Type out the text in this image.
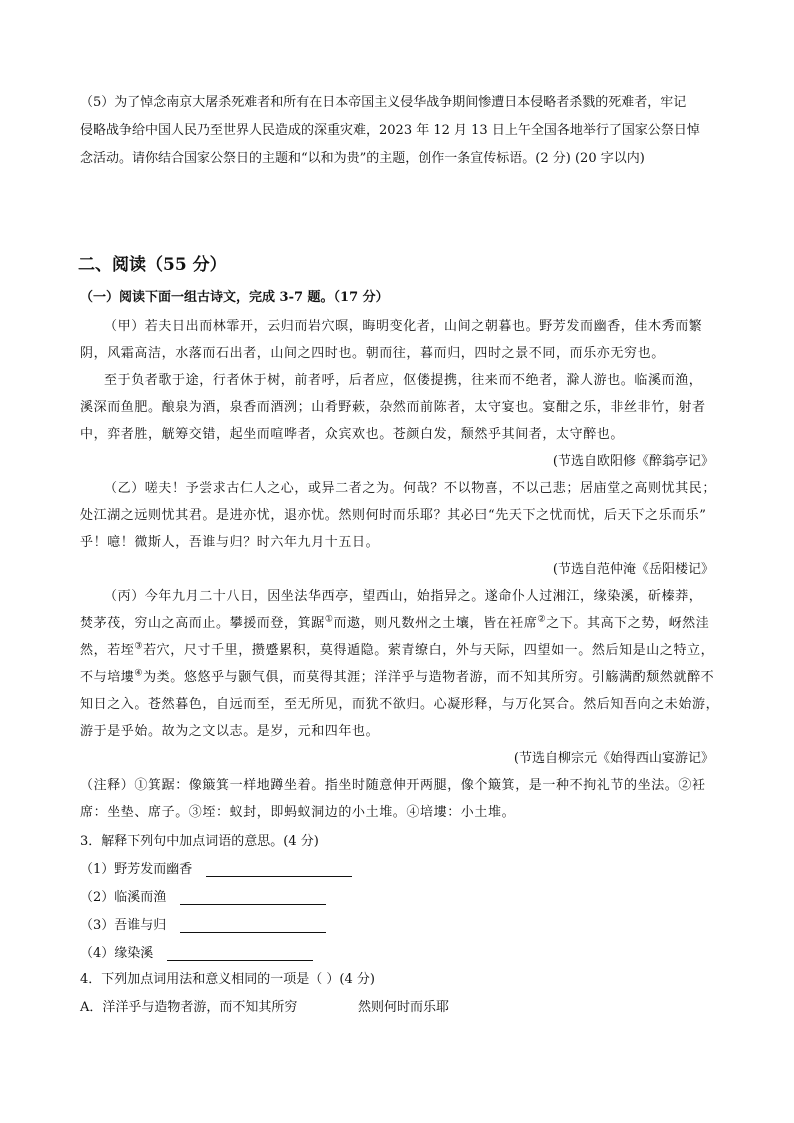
（5）为了悼念南京大屠杀死难者和所有在日本帝国主义侵华战争期间惨遭日本侵略者杀戮的死难者，牢记
侵略战争给中国人民乃至世界人民造成的深重灾难，2023 年 12 月 13 日上午全国各地举行了国家公祭日悼
念活动。请你结合国家公祭日的主题和“以和为贵”的主题，创作一条宣传标语。(2 分) (20 字以内)
二、阅读（55 分）
（一）阅读下面一组古诗文，完成 3-7 题。（17 分）
（甲）若夫日出而林霏开，云归而岩穴暝，晦明变化者，山间之朝暮也。野芳发而幽香，佳木秀而繁
阴，风霜高洁，水落而石出者，山间之四时也。朝而往，暮而归，四时之景不同，而乐亦无穷也。
至于负者歌于途，行者休于树，前者呼，后者应，伛偻提携，往来而不绝者，滁人游也。临溪而渔，
溪深而鱼肥。酿泉为酒，泉香而酒洌；山肴野蔌，杂然而前陈者，太守宴也。宴酣之乐，非丝非竹，射者
中，弈者胜，觥筹交错，起坐而喧哗者，众宾欢也。苍颜白发，颓然乎其间者，太守醉也。
(节选自欧阳修《醉翁亭记》
（乙）嗟夫！予尝求古仁人之心，或异二者之为。何哉？不以物喜，不以己悲；居庙堂之高则忧其民；
处江湖之远则忧其君。是进亦忧，退亦忧。然则何时而乐耶？其必曰“先天下之忧而忧，后天下之乐而乐”
乎！噫！微斯人，吾谁与归？时六年九月十五日。
(节选自范仲淹《岳阳楼记》
（丙）今年九月二十八日，因坐法华西亭，望西山，始指异之。遂命仆人过湘江，缘染溪，斫榛莽，
焚茅茷，穷山之高而止。攀援而登，箕踞①而遨，则凡数州之土壤，皆在衽席②之下。其高下之势，岈然洼
然，若垤③若穴，尺寸千里，攒蹙累积，莫得遁隐。萦青缭白，外与天际，四望如一。然后知是山之特立，
不与培塿④为类。悠悠乎与颢气俱，而莫得其涯；洋洋乎与造物者游，而不知其所穷。引觞满酌颓然就醉不
知日之入。苍然暮色，自远而至，至无所见，而犹不欲归。心凝形释，与万化冥合。然后知吾向之未始游，
游于是乎始。故为之文以志。是岁，元和四年也。
(节选自柳宗元《始得西山宴游记》
（注释）①箕踞：像簸箕一样地蹲坐着。指坐时随意伸开两腿，像个簸箕，是一种不拘礼节的坐法。②衽
席：坐垫、席子。③垤：蚁封，即蚂蚁洞边的小土堆。④培塿：小土堆。
3．解释下列句中加点词语的意思。(4 分)
（1）野芳发而幽香
（2）临溪而渔
（3）吾谁与归
（4）缘染溪
4．下列加点词用法和意义相同的一项是（ ）(4 分)
A．洋洋乎与造物者游，而不知其所穷	然则何时而乐耶
